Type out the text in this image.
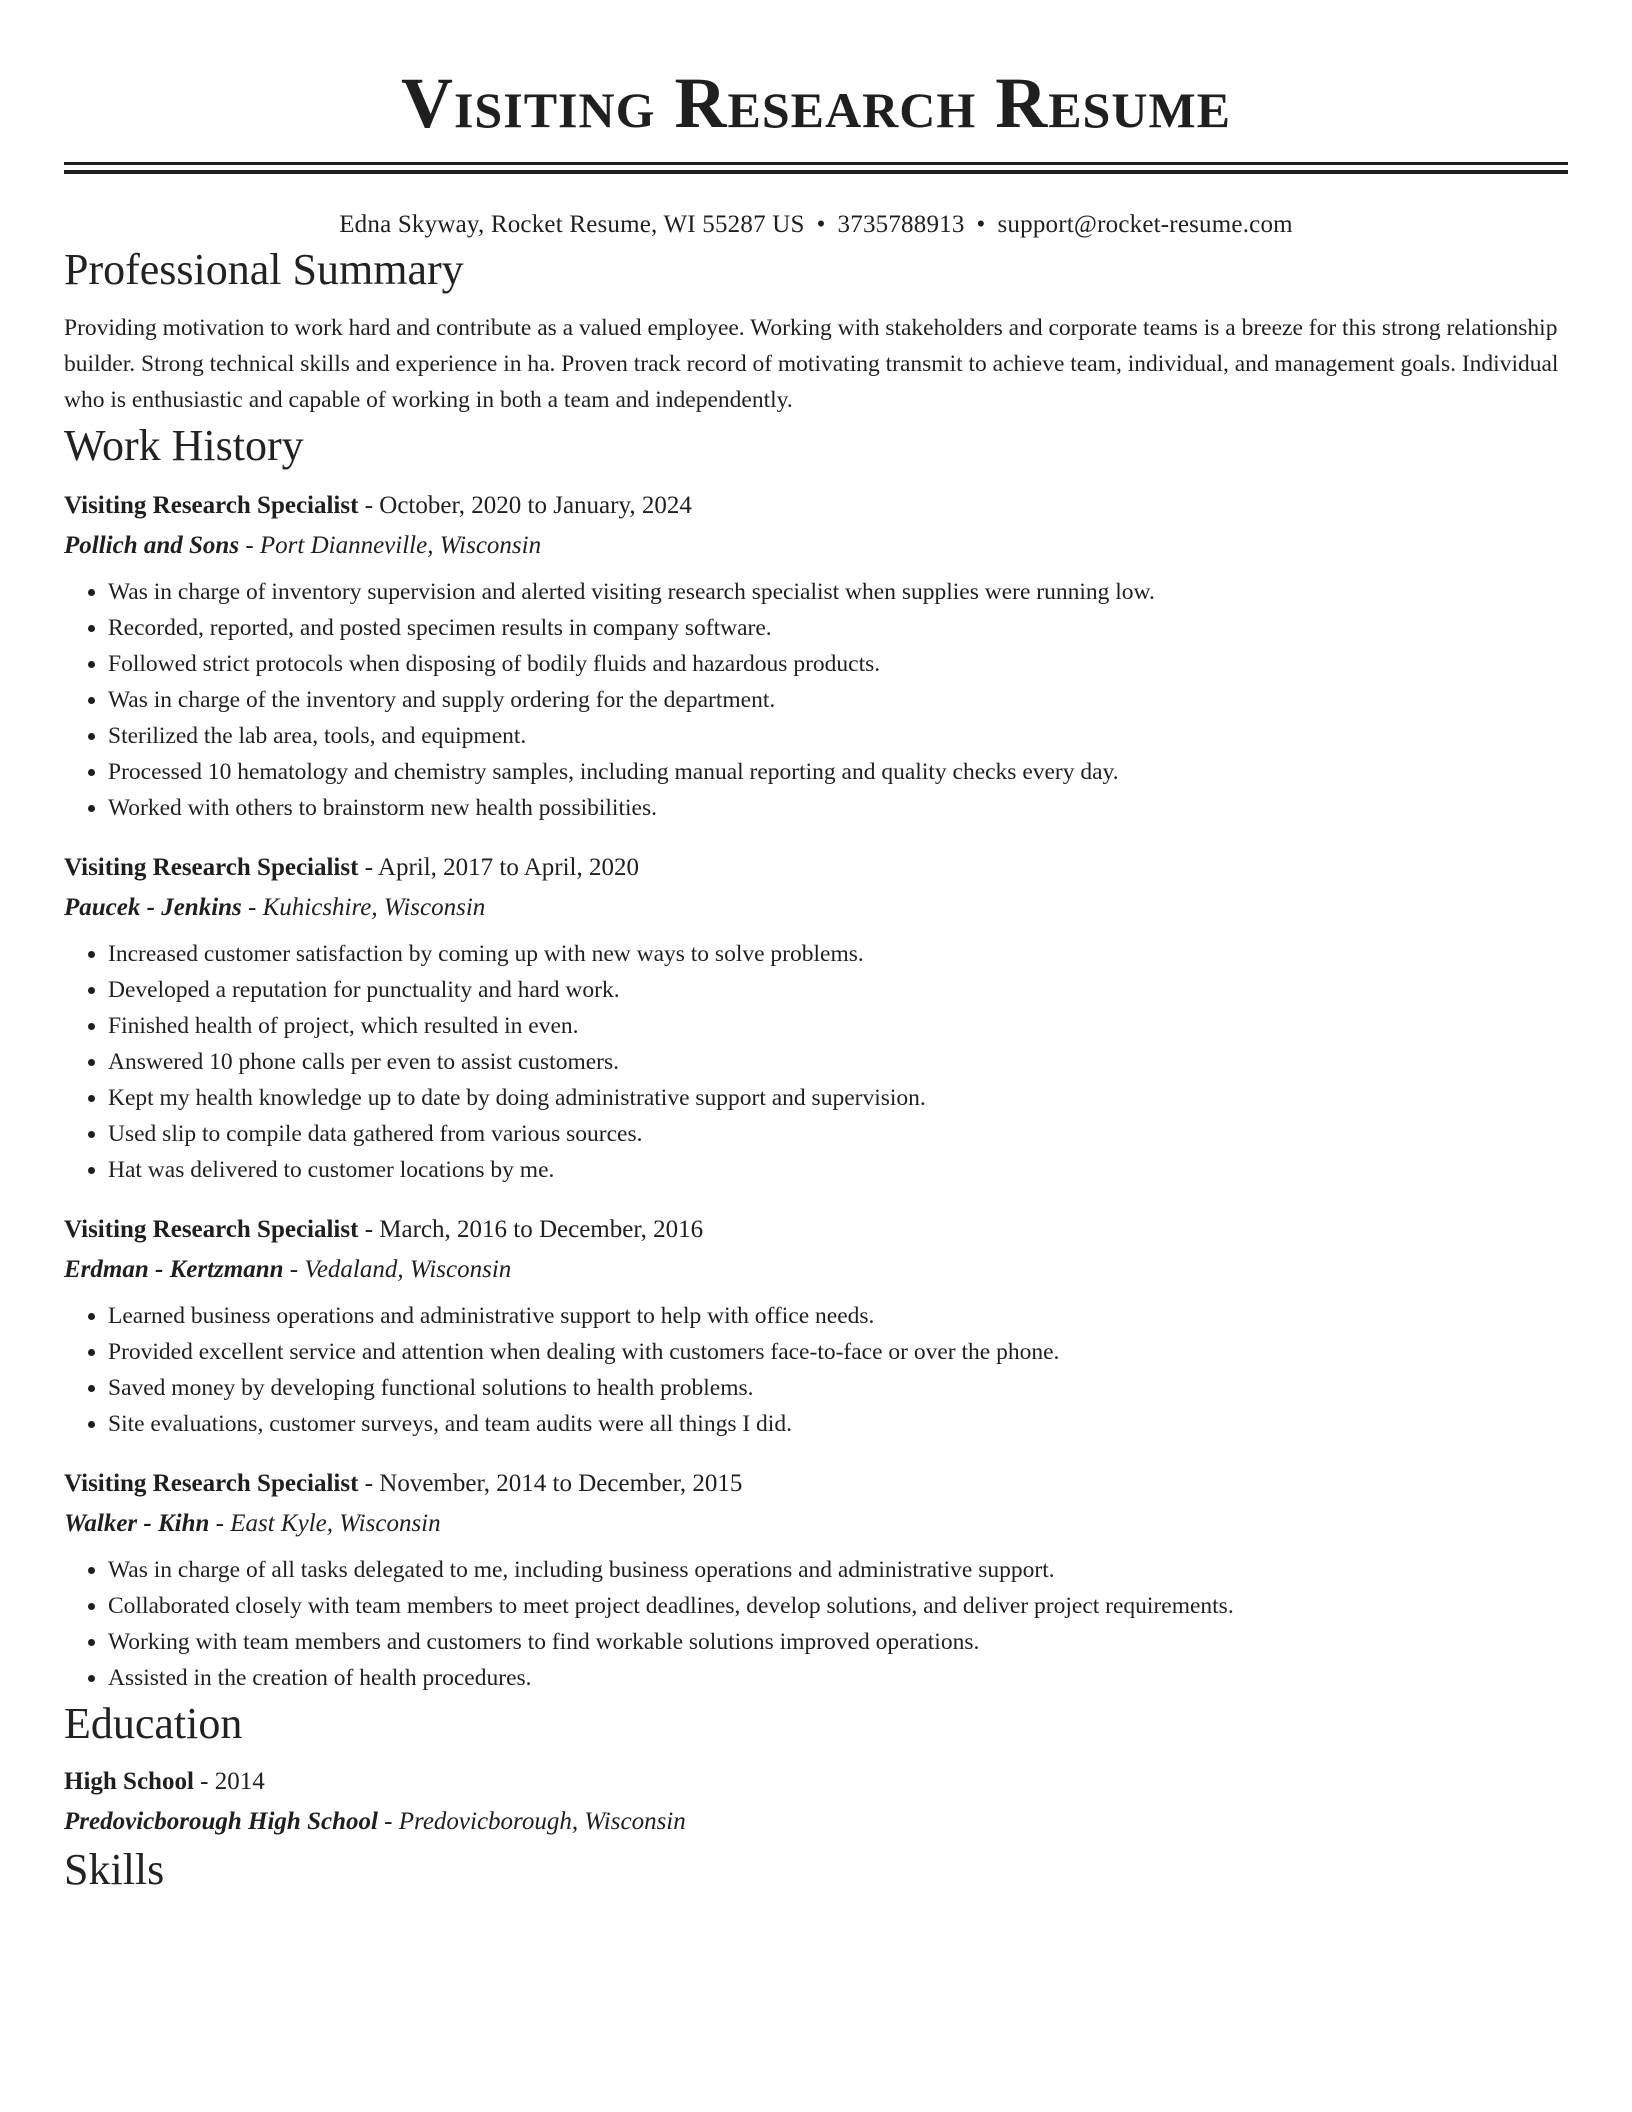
Visiting Research Resume
Edna Skyway, Rocket Resume, WI 55287 US • 3735788913 • support@rocket-resume.com
Professional Summary

Providing motivation to work hard and contribute as a valued employee. Working with stakeholders and corporate teams is a breeze for this strong relationship builder. Strong technical skills and experience in ha. Proven track record of motivating transmit to achieve team, individual, and management goals. Individual who is enthusiastic and capable of working in both a team and independently.

Work History
Visiting Research Specialist - October, 2020 to January, 2024
Pollich and Sons - Port Dianneville, Wisconsin
• Was in charge of inventory supervision and alerted visiting research specialist when supplies were running low.
• Recorded, reported, and posted specimen results in company software.
• Followed strict protocols when disposing of bodily fluids and hazardous products.
• Was in charge of the inventory and supply ordering for the department.
• Sterilized the lab area, tools, and equipment.
• Processed 10 hematology and chemistry samples, including manual reporting and quality checks every day.
• Worked with others to brainstorm new health possibilities.
Visiting Research Specialist - April, 2017 to April, 2020
Paucek - Jenkins - Kuhicshire, Wisconsin
• Increased customer satisfaction by coming up with new ways to solve problems.
• Developed a reputation for punctuality and hard work.
• Finished health of project, which resulted in even.
• Answered 10 phone calls per even to assist customers.
• Kept my health knowledge up to date by doing administrative support and supervision.
• Used slip to compile data gathered from various sources.
• Hat was delivered to customer locations by me.
Visiting Research Specialist - March, 2016 to December, 2016
Erdman - Kertzmann - Vedaland, Wisconsin
• Learned business operations and administrative support to help with office needs.
• Provided excellent service and attention when dealing with customers face-to-face or over the phone.
• Saved money by developing functional solutions to health problems.
• Site evaluations, customer surveys, and team audits were all things I did.
Visiting Research Specialist - November, 2014 to December, 2015
Walker - Kihn - East Kyle, Wisconsin
• Was in charge of all tasks delegated to me, including business operations and administrative support.
• Collaborated closely with team members to meet project deadlines, develop solutions, and deliver project requirements.
• Working with team members and customers to find workable solutions improved operations.
• Assisted in the creation of health procedures.
Education
High School - 2014
Predovicborough High School - Predovicborough, Wisconsin
Skills
